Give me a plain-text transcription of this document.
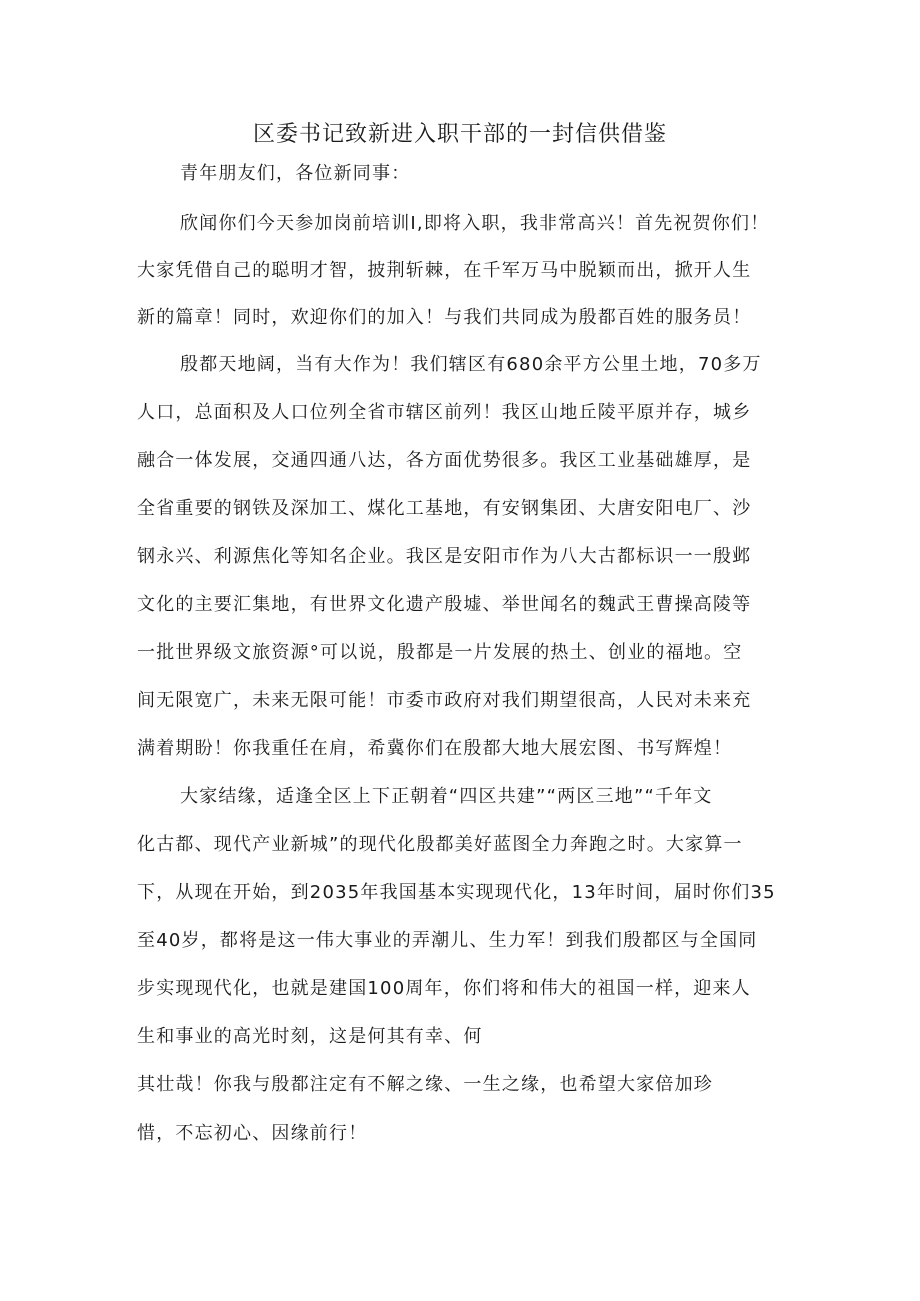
区委书记致新进入职干部的一封信供借鉴
青年朋友们，各位新同事：
欣闻你们今天参加岗前培训I,即将入职，我非常高兴！首先祝贺你们！
大家凭借自己的聪明才智，披荆斩棘，在千军万马中脱颖而出，掀开人生
新的篇章！同时，欢迎你们的加入！与我们共同成为殷都百姓的服务员！
殷都天地阔，当有大作为！我们辖区有680余平方公里土地，70多万
人口，总面积及人口位列全省市辖区前列！我区山地丘陵平原并存，城乡
融合一体发展，交通四通八达，各方面优势很多。我区工业基础雄厚，是
全省重要的钢铁及深加工、煤化工基地，有安钢集团、大唐安阳电厂、沙
钢永兴、利源焦化等知名企业。我区是安阳市作为八大古都标识一一殷邺
文化的主要汇集地，有世界文化遗产殷墟、举世闻名的魏武王曹操高陵等
一批世界级文旅资源°可以说，殷都是一片发展的热土、创业的福地。空
间无限宽广，未来无限可能！市委市政府对我们期望很高，人民对未来充
满着期盼！你我重任在肩，希冀你们在殷都大地大展宏图、书写辉煌！
大家结缘，适逢全区上下正朝着“四区共建”“两区三地”“千年文
化古都、现代产业新城”的现代化殷都美好蓝图全力奔跑之时。大家算一
下，从现在开始，到2035年我国基本实现现代化，13年时间，届时你们35
至40岁，都将是这一伟大事业的弄潮儿、生力军！到我们殷都区与全国同
步实现现代化，也就是建国100周年，你们将和伟大的祖国一样，迎来人
生和事业的高光时刻，这是何其有幸、何
其壮哉！你我与殷都注定有不解之缘、一生之缘，也希望大家倍加珍
惜，不忘初心、因缘前行！
